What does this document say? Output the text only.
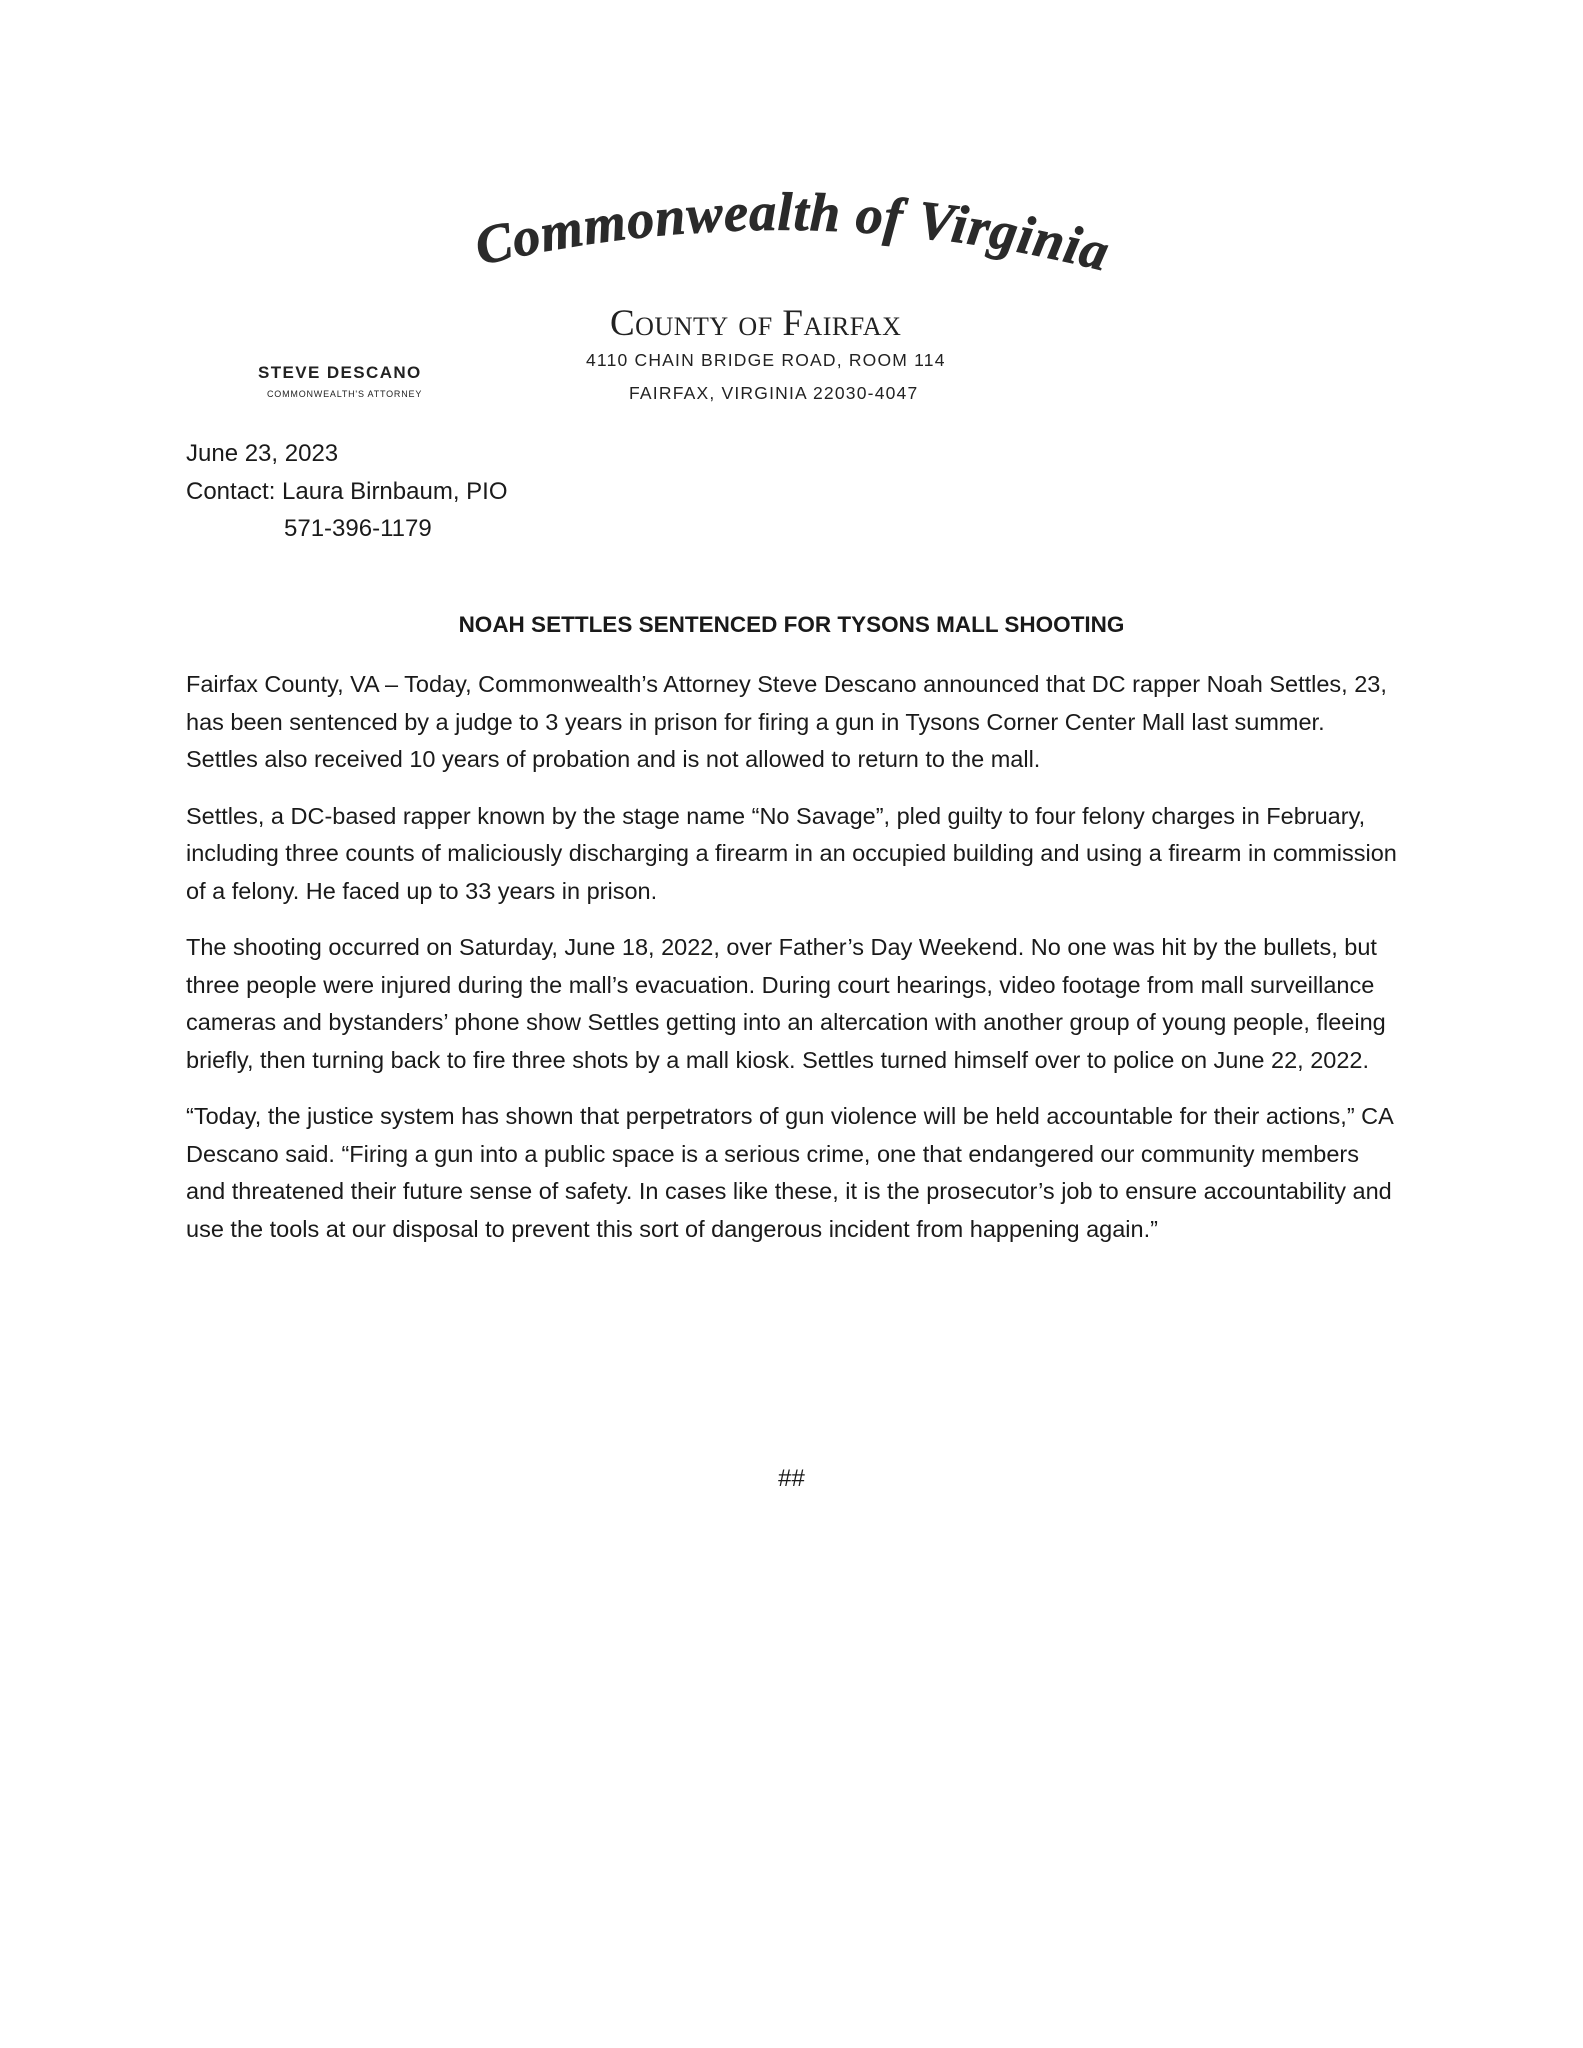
Commonwealth of Virginia
County of Fairfax
4110 CHAIN BRIDGE ROAD, ROOM 114
FAIRFAX, VIRGINIA 22030-4047
STEVE DESCANO
COMMONWEALTH'S ATTORNEY
June 23, 2023
Contact: Laura Birnbaum, PIO
571-396-1179
NOAH SETTLES SENTENCED FOR TYSONS MALL SHOOTING

Fairfax County, VA – Today, Commonwealth’s Attorney Steve Descano announced that DC rapper Noah Settles, 23, has been sentenced by a judge to 3 years in prison for firing a gun in Tysons Corner Center Mall last summer. Settles also received 10 years of probation and is not allowed to return to the mall.

Settles, a DC-based rapper known by the stage name “No Savage”, pled guilty to four felony charges in February, including three counts of maliciously discharging a firearm in an occupied building and using a firearm in commission of a felony. He faced up to 33 years in prison.

The shooting occurred on Saturday, June 18, 2022, over Father’s Day Weekend. No one was hit by the bullets, but three people were injured during the mall’s evacuation. During court hearings, video footage from mall surveillance cameras and bystanders’ phone show Settles getting into an altercation with another group of young people, fleeing briefly, then turning back to fire three shots by a mall kiosk. Settles turned himself over to police on June 22, 2022.

“Today, the justice system has shown that perpetrators of gun violence will be held accountable for their actions,” CA Descano said. “Firing a gun into a public space is a serious crime, one that endangered our community members and threatened their future sense of safety. In cases like these, it is the prosecutor’s job to ensure accountability and use the tools at our disposal to prevent this sort of dangerous incident from happening again.”

##
